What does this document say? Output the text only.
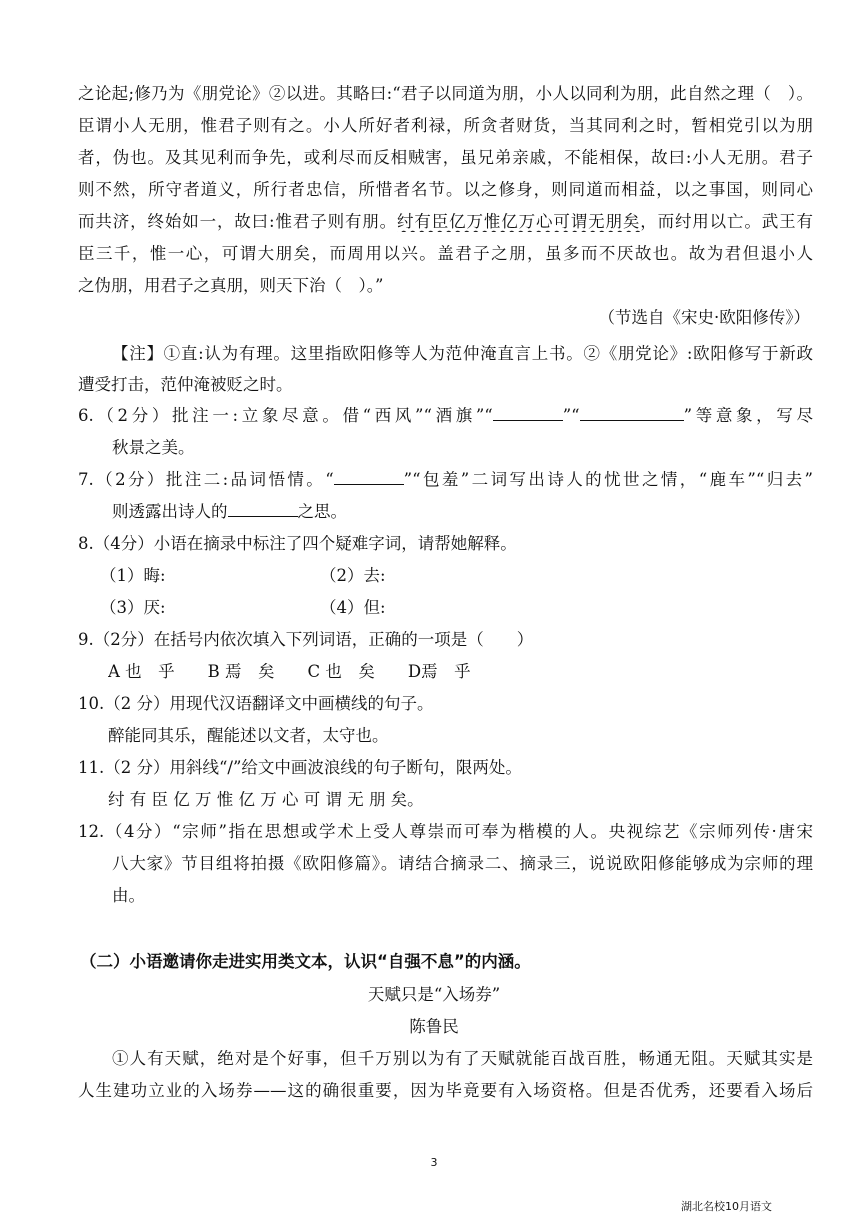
之论起;修乃为《朋党论》②以进。其略曰:“君子以同道为朋，小人以同利为朋，此自然之理（　）。
臣谓小人无朋，惟君子则有之。小人所好者利禄，所贪者财货，当其同利之时，暂相党引以为朋
者，伪也。及其见利而争先，或利尽而反相贼害，虽兄弟亲戚，不能相保，故曰:小人无朋。君子
则不然，所守者道义，所行者忠信，所惜者名节。以之修身，则同道而相益，以之事国，则同心
而共济，终始如一，故曰:惟君子则有朋。纣有臣亿万惟亿万心可谓无朋矣，而纣用以亡。武王有
臣三千，惟一心，可谓大朋矣，而周用以兴。盖君子之朋，虽多而不厌故也。故为君但退小人
之伪朋，用君子之真朋，则天下治（　）。”
（节选自《宋史·欧阳修传》）
【注】①直:认为有理。这里指欧阳修等人为范仲淹直言上书。②《朋党论》:欧阳修写于新政
遭受打击，范仲淹被贬之时。
6.（2分）批注一:立象尽意。借“西风”“酒旗”“	”“	”等意象，写尽
秋景之美。
7.（2分）批注二:品词悟情。“	”“包羞”二词写出诗人的忧世之情，“鹿车”“归去”
则透露出诗人的	之思。
8.（4分）小语在摘录中标注了四个疑难字词，请帮她解释。
（1）晦:	（2）去:
（3）厌:	（4）但:
9.（2分）在括号内依次填入下列词语，正确的一项是（　　）
A 也　乎　　B 焉　矣　　C 也　矣　　D焉　乎
10.（2 分）用现代汉语翻译文中画横线的句子。
醉能同其乐，醒能述以文者，太守也。
11.（2 分）用斜线“/”给文中画波浪线的句子断句，限两处。
纣 有 臣 亿 万 惟 亿 万 心 可 谓 无 朋 矣。
12.（4分）“宗师”指在思想或学术上受人尊崇而可奉为楷模的人。央视综艺《宗师列传·唐宋
八大家》节目组将拍摄《欧阳修篇》。请结合摘录二、摘录三，说说欧阳修能够成为宗师的理
由。
（二）小语邀请你走进实用类文本，认识“自强不息”的内涵。
天赋只是“入场券”
陈鲁民
①人有天赋，绝对是个好事，但千万别以为有了天赋就能百战百胜，畅通无阻。天赋其实是
人生建功立业的入场券——这的确很重要，因为毕竟要有入场资格。但是否优秀，还要看入场后
3
湖北名校10月语文
